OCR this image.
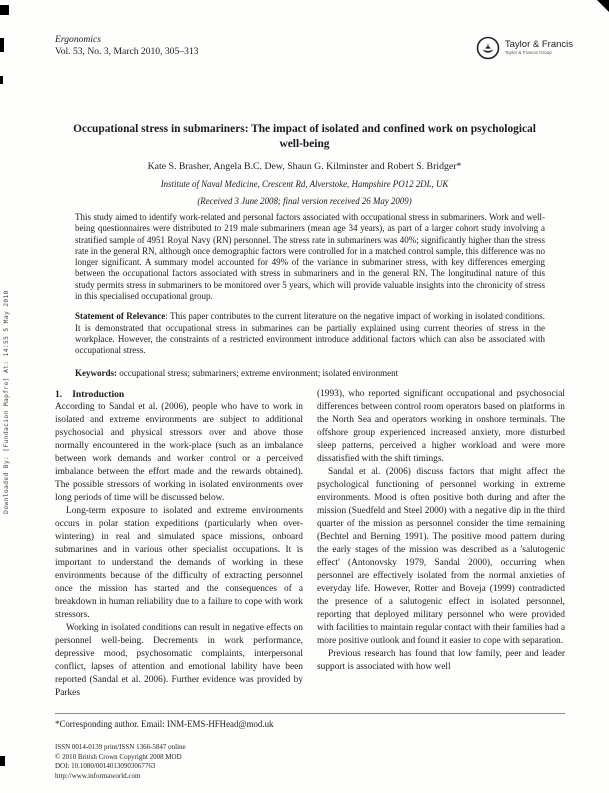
Downloaded By: [Fundacion Mapfre] At: 14:55 5 May 2010
Ergonomics
Vol. 53, No. 3, March 2010, 305–313
Taylor & Francis
Taylor & Francis Group
Occupational stress in submariners: The impact of isolated and confined work on psychological well-being
Kate S. Brasher, Angela B.C. Dew, Shaun G. Kilminster and Robert S. Bridger*
Institute of Naval Medicine, Crescent Rd, Alverstoke, Hampshire PO12 2DL, UK
(Received 3 June 2008; final version received 26 May 2009)

This study aimed to identify work-related and personal factors associated with occupational stress in submariners. Work and well-being questionnaires were distributed to 219 male submariners (mean age 34 years), as part of a larger cohort study involving a stratified sample of 4951 Royal Navy (RN) personnel. The stress rate in submariners was 40%; significantly higher than the stress rate in the general RN, although once demographic factors were controlled for in a matched control sample, this difference was no longer significant. A summary model accounted for 49% of the variance in submariner stress, with key differences emerging between the occupational factors associated with stress in submariners and in the general RN. The longitudinal nature of this study permits stress in submariners to be monitored over 5 years, which will provide valuable insights into the chronicity of stress in this specialised occupational group.

Statement of Relevance: This paper contributes to the current literature on the negative impact of working in isolated conditions. It is demonstrated that occupational stress in submarines can be partially explained using current theories of stress in the workplace. However, the constraints of a restricted environment introduce additional factors which can also be associated with occupational stress.

Keywords: occupational stress; submariners; extreme environment; isolated environment

1. Introduction

According to Sandal et al. (2006), people who have to work in isolated and extreme environments are subject to additional psychosocial and physical stressors over and above those normally encountered in the work-place (such as an imbalance between work demands and worker control or a perceived imbalance between the effort made and the rewards obtained). The possible stressors of working in isolated environments over long periods of time will be discussed below.

Long-term exposure to isolated and extreme environments occurs in polar station expeditions (particularly when over-wintering) in real and simulated space missions, onboard submarines and in various other specialist occupations. It is important to understand the demands of working in these environments because of the difficulty of extracting personnel once the mission has started and the consequences of a breakdown in human reliability due to a failure to cope with work stressors.

Working in isolated conditions can result in negative effects on personnel well-being. Decrements in work performance, depressive mood, psychosomatic complaints, interpersonal conflict, lapses of attention and emotional lability have been reported (Sandal et al. 2006). Further evidence was provided by Parkes

(1993), who reported significant occupational and psychosocial differences between control room operators based on platforms in the North Sea and operators working in onshore terminals. The offshore group experienced increased anxiety, more disturbed sleep patterns, perceived a higher workload and were more dissatisfied with the shift timings.

Sandal et al. (2006) discuss factors that might affect the psychological functioning of personnel working in extreme environments. Mood is often positive both during and after the mission (Suedfeld and Steel 2000) with a negative dip in the third quarter of the mission as personnel consider the time remaining (Bechtel and Berning 1991). The positive mood pattern during the early stages of the mission was described as a 'salutogenic effect' (Antonovsky 1979, Sandal 2000), occurring when personnel are effectively isolated from the normal anxieties of everyday life. However, Rotter and Boveja (1999) contradicted the presence of a salutogenic effect in isolated personnel, reporting that deployed military personnel who were provided with facilities to maintain regular contact with their families had a more positive outlook and found it easier to cope with separation.

Previous research has found that low family, peer and leader support is associated with how well

*Corresponding author. Email: INM-EMS-HFHead@mod.uk
ISSN 0014-0139 print/ISSN 1366-5847 online
© 2010 British Crown Copyright 2008 MOD
DOI: 10.1080/00140130903067763
http://www.informaworld.com
